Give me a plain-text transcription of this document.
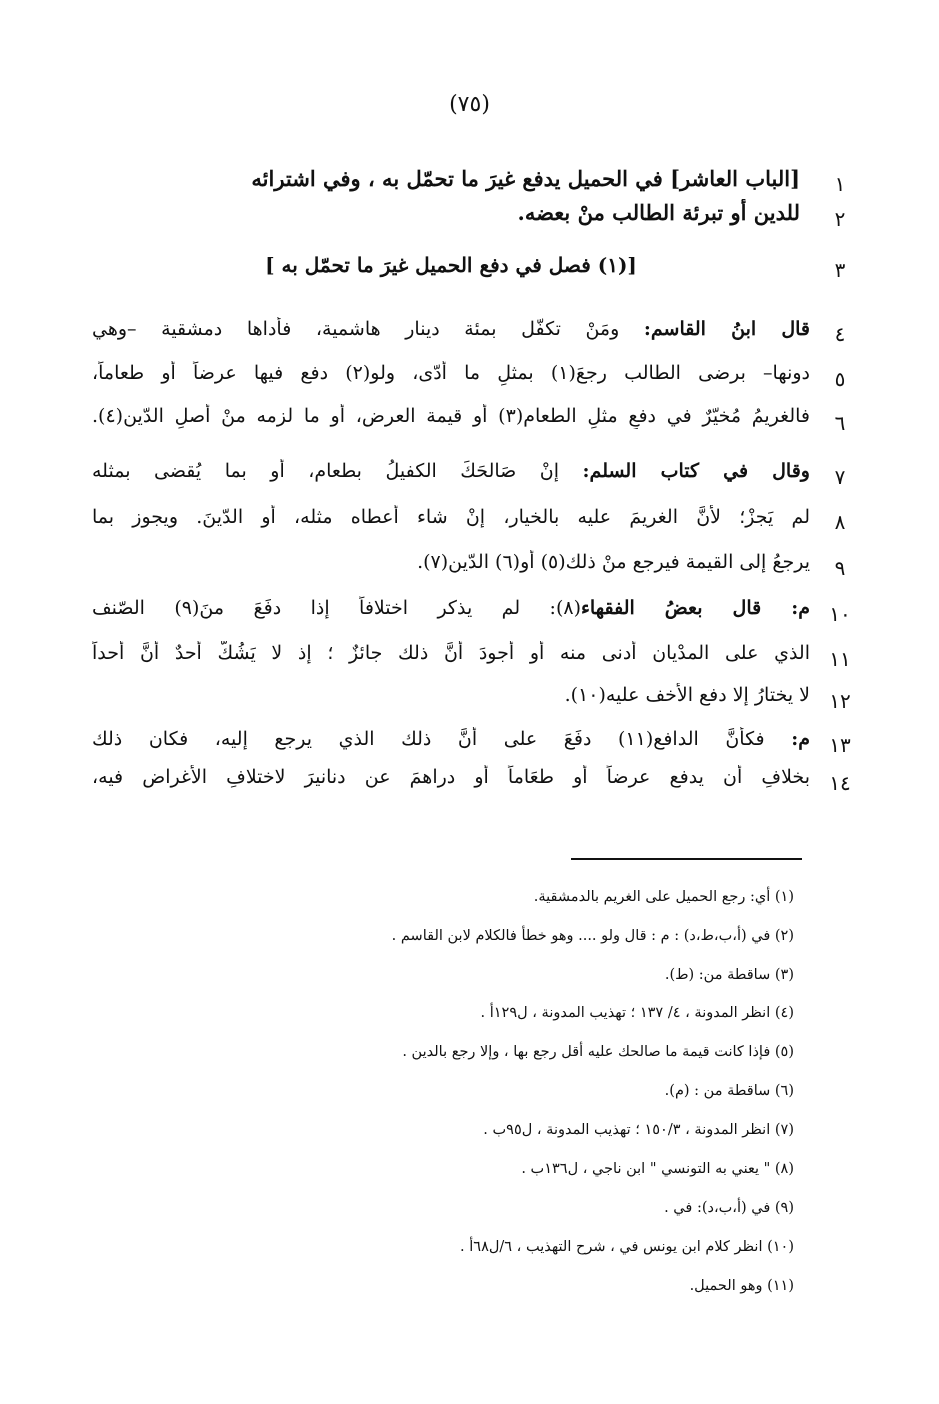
(٧٥)
١
[الباب العاشر] في الحميل يدفع غيرَ ما تحمّل به ، وفي اشترائه
٢
للدين أو تبرئة الطالب منْ بعضه.
٣
[(١) فصل في دفع الحميل غيرَ ما تحمّل به ]
٤
قال ابنُ القاسم: ومَنْ تكفّل بمئة دينار هاشمية، فأداها دمشقية –وهي
٥
دونها– برضى الطالب رجعَ(١) بمثلِ ما أدّى، ولو(٢) دفع فيها عرضاً أو طعاماً،
٦
فالغريمُ مُخيّرٌ في دفعِ مثلِ الطعام(٣) أو قيمة العرض، أو ما لزمه منْ أصلِ الدّين(٤).
٧
وقال في كتاب السلم: إنْ صَالحَكَ الكفيلُ بطعام، أو بما يُقضى بمثله
٨
لم يَجزْ؛ لأنَّ الغريمَ عليه بالخيار، إنْ شاء أعطاه مثله، أو الدّينَ. ويجوز بما
٩
يرجعُ إلى القيمة فيرجع منْ ذلك(٥) أو(٦) الدّين(٧).
١٠
م: قال بعضُ الفقهاء(٨): لم يذكر اختلافاً إذا دفَعَ منَ(٩) الصّنف
١١
الذي على المدْيان أدنى منه أو أجودَ أنَّ ذلك جائزٌ ؛ إذ لا يَشُكُّ أحدٌ أنَّ أحداً
١٢
لا يختارُ إلا دفع الأخف عليه(١٠).
١٣
م: فكأنَّ الدافع(١١) دفَعَ على أنَّ ذلك الذي يرجع إليه، فكان ذلك
١٤
بخلافِ أن يدفع عرضاً أو طعَاماً أو دراهمَ عن دنانيرَ لاختلافِ الأغراضِ فيه،
(١) أي: رجع الحميل على الغريم بالدمشقية.
(٢) في (أ،ب،ط،د) : م : قال ولو .... وهو خطأ فالكلام لابن القاسم .
(٣) ساقطة من: (ط).
(٤) انظر المدونة ، ٤/ ١٣٧ ؛ تهذيب المدونة ، ل١٢٩أ .
(٥) فإذا كانت قيمة ما صالحك عليه أقل رجع بها ، وإلا رجع بالدين .
(٦) ساقطة من : (م).
(٧) انظر المدونة ، ١٥٠/٣ ؛ تهذيب المدونة ، ل٩٥ب .
(٨) " يعني به التونسي " ابن ناجي ، ل١٣٦ب .
(٩) في (أ،ب،د): في .
(١٠) انظر كلام ابن يونس في ، شرح التهذيب ، ٦/ل٦٨أ .
(١١) وهو الحميل.
